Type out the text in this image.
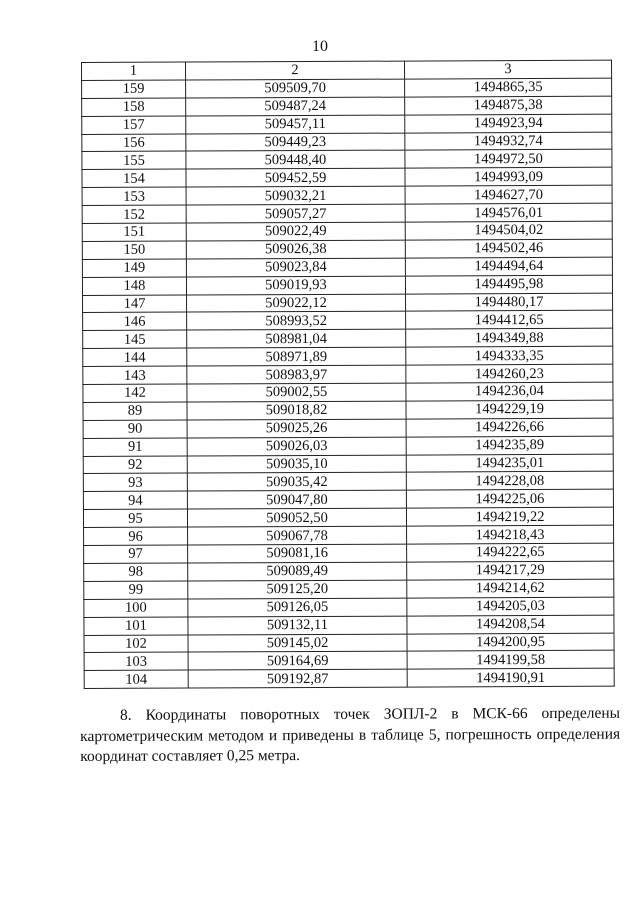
10
1	2	3
159	509509,70	1494865,35
158	509487,24	1494875,38
157	509457,11	1494923,94
156	509449,23	1494932,74
155	509448,40	1494972,50
154	509452,59	1494993,09
153	509032,21	1494627,70
152	509057,27	1494576,01
151	509022,49	1494504,02
150	509026,38	1494502,46
149	509023,84	1494494,64
148	509019,93	1494495,98
147	509022,12	1494480,17
146	508993,52	1494412,65
145	508981,04	1494349,88
144	508971,89	1494333,35
143	508983,97	1494260,23
142	509002,55	1494236,04
89	509018,82	1494229,19
90	509025,26	1494226,66
91	509026,03	1494235,89
92	509035,10	1494235,01
93	509035,42	1494228,08
94	509047,80	1494225,06
95	509052,50	1494219,22
96	509067,78	1494218,43
97	509081,16	1494222,65
98	509089,49	1494217,29
99	509125,20	1494214,62
100	509126,05	1494205,03
101	509132,11	1494208,54
102	509145,02	1494200,95
103	509164,69	1494199,58
104	509192,87	1494190,91

8. Координаты поворотных точек ЗОПЛ-2 в МСК-66 определены картометрическим методом и приведены в таблице 5, погрешность определения координат составляет 0,25 метра.
